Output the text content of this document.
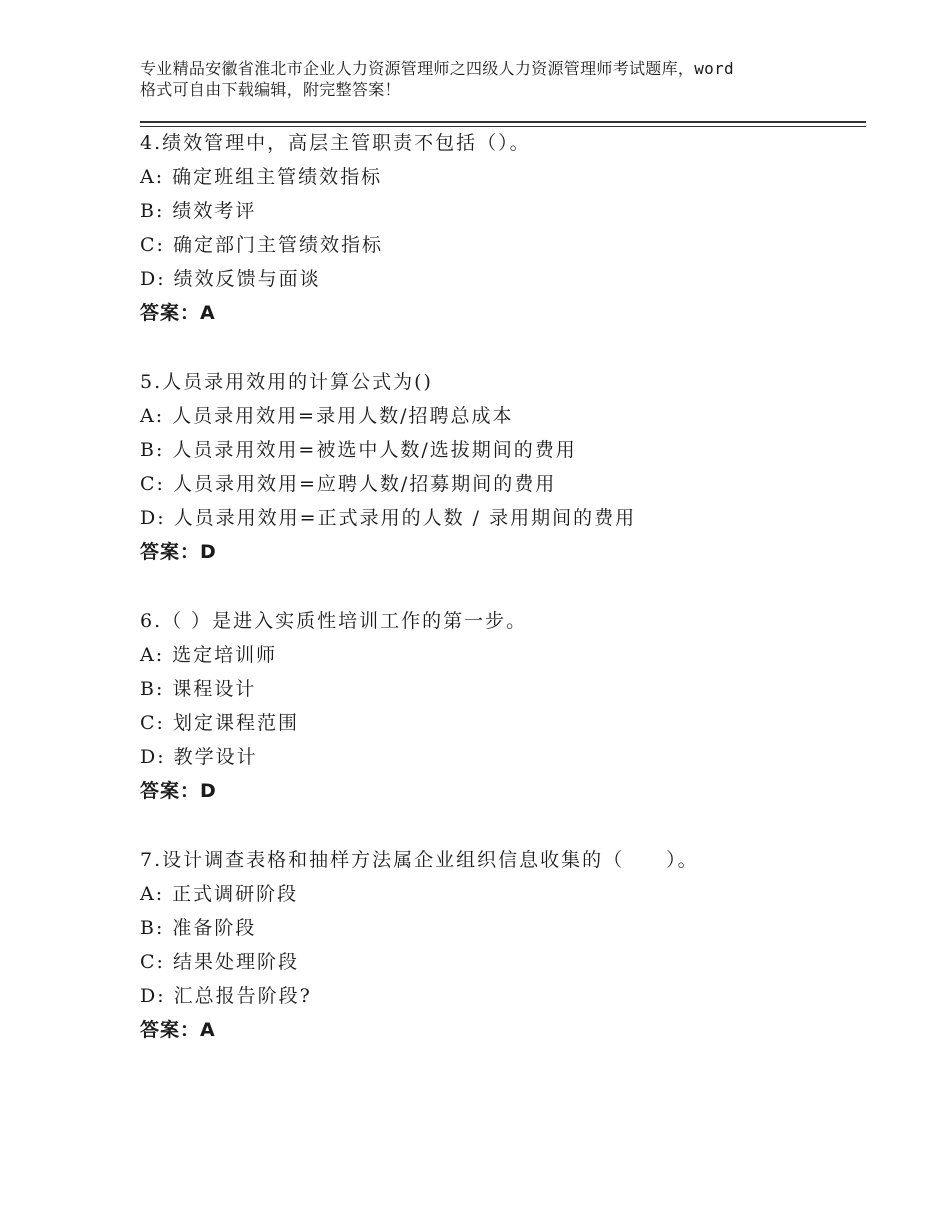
专业精品安徽省淮北市企业人力资源管理师之四级人力资源管理师考试题库，word
格式可自由下载编辑，附完整答案！
4.绩效管理中，高层主管职责不包括（）。
A: 确定班组主管绩效指标
B: 绩效考评
C: 确定部门主管绩效指标
D: 绩效反馈与面谈
答案：A
5.人员录用效用的计算公式为()
A: 人员录用效用=录用人数/招聘总成本
B: 人员录用效用=被选中人数/选拔期间的费用
C: 人员录用效用=应聘人数/招募期间的费用
D: 人员录用效用=正式录用的人数 / 录用期间的费用
答案：D
6.（ ）是进入实质性培训工作的第一步。
A: 选定培训师
B: 课程设计
C: 划定课程范围
D: 教学设计
答案：D
7.设计调查表格和抽样方法属企业组织信息收集的（　　）。
A: 正式调研阶段
B: 准备阶段
C: 结果处理阶段
D: 汇总报告阶段?
答案：A
